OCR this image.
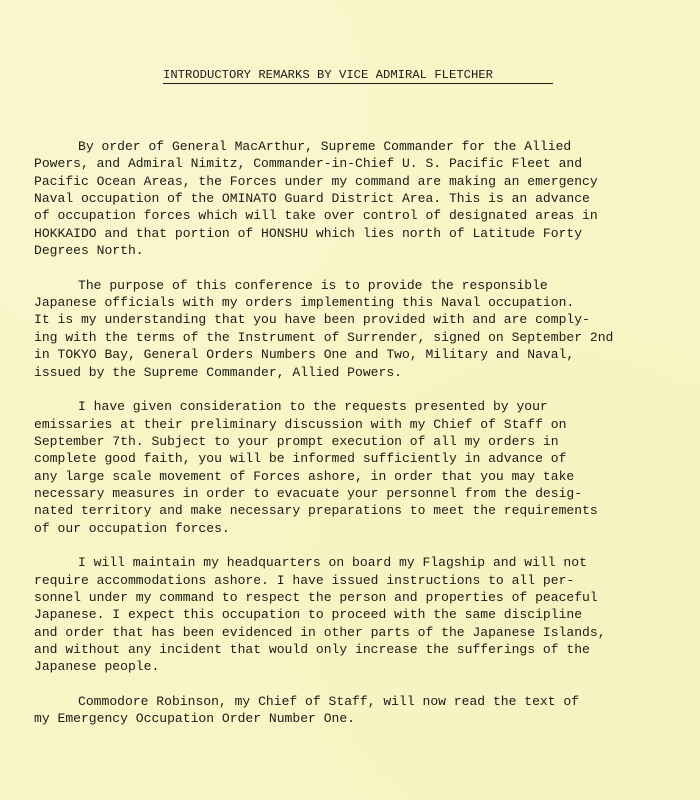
INTRODUCTORY REMARKS BY VICE ADMIRAL FLETCHER
By order of General MacArthur, Supreme Commander for the Allied
Powers, and Admiral Nimitz, Commander-in-Chief U. S. Pacific Fleet and
Pacific Ocean Areas, the Forces under my command are making an emergency
Naval occupation of the OMINATO Guard District Area. This is an advance
of occupation forces which will take over control of designated areas in
HOKKAIDO and that portion of HONSHU which lies north of Latitude Forty
Degrees North.
The purpose of this conference is to provide the responsible
Japanese officials with my orders implementing this Naval occupation.
It is my understanding that you have been provided with and are comply-
ing with the terms of the Instrument of Surrender, signed on September 2nd
in TOKYO Bay, General Orders Numbers One and Two, Military and Naval,
issued by the Supreme Commander, Allied Powers.
I have given consideration to the requests presented by your
emissaries at their preliminary discussion with my Chief of Staff on
September 7th. Subject to your prompt execution of all my orders in
complete good faith, you will be informed sufficiently in advance of
any large scale movement of Forces ashore, in order that you may take
necessary measures in order to evacuate your personnel from the desig-
nated territory and make necessary preparations to meet the requirements
of our occupation forces.
I will maintain my headquarters on board my Flagship and will not
require accommodations ashore. I have issued instructions to all per-
sonnel under my command to respect the person and properties of peaceful
Japanese. I expect this occupation to proceed with the same discipline
and order that has been evidenced in other parts of the Japanese Islands,
and without any incident that would only increase the sufferings of the
Japanese people.
Commodore Robinson, my Chief of Staff, will now read the text of
my Emergency Occupation Order Number One.
